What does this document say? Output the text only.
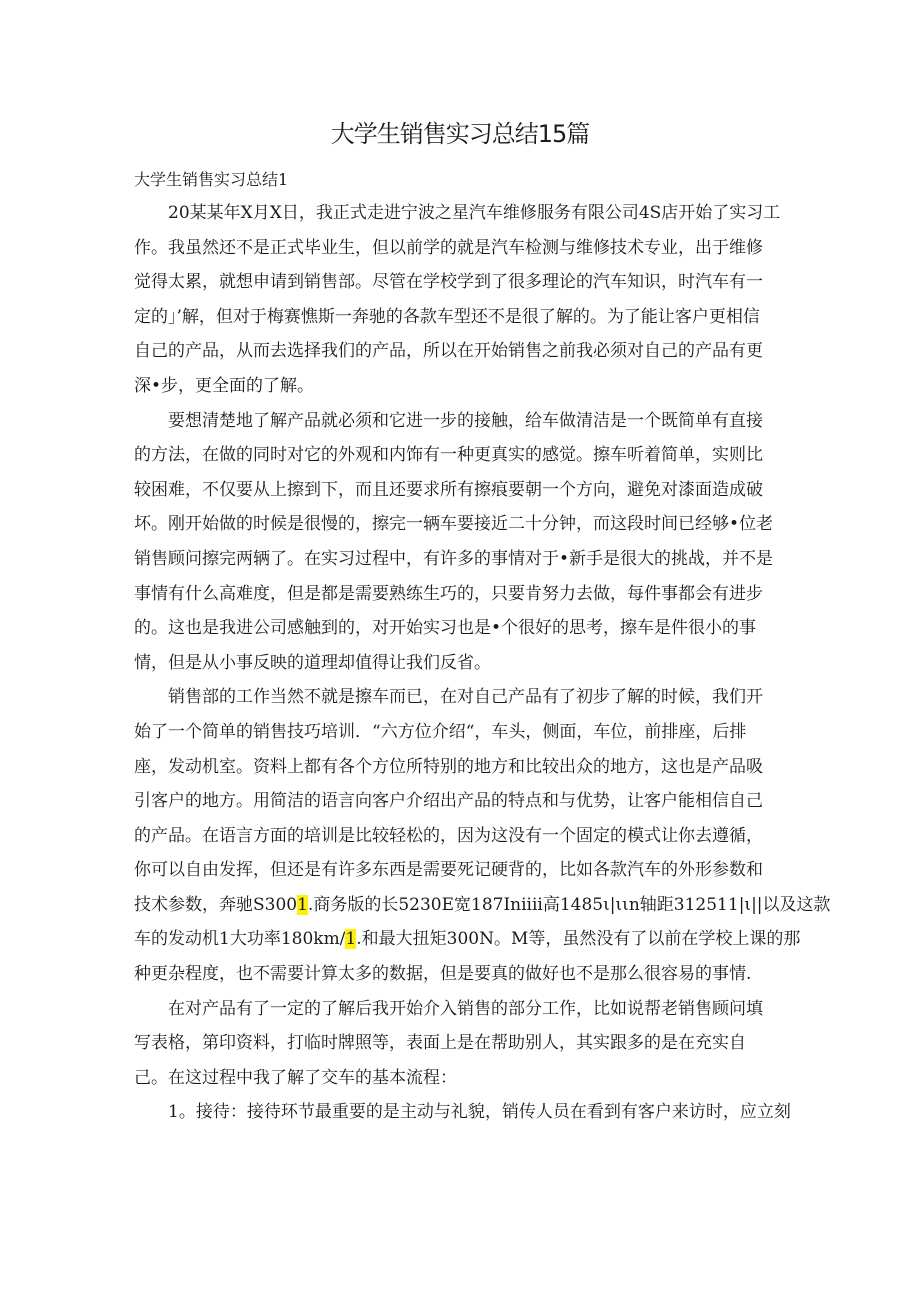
大学生销售实习总结15篇
大学生销售实习总结1

20某某年X月X日，我正式走进宁波之星汽车维修服务有限公司4S店开始了实习工
作。我虽然还不是正式毕业生，但以前学的就是汽车检测与维修技术专业，出于维修
觉得太累，就想申请到销售部。尽管在学校学到了很多理论的汽车知识，时汽车有一
定的」’解，但对于梅赛憔斯一奔驰的各款车型还不是很了解的。为了能让客户更相信
自己的产品，从而去选择我们的产品，所以在开始销售之前我必须对自己的产品有更
深•步，更全面的了解。

要想清楚地了解产品就必须和它进一步的接触，给车做清洁是一个既简单有直接
的方法，在做的同时对它的外观和内饰有一种更真实的感觉。擦车听着简单，实则比
较困难，不仅要从上擦到下，而且还要求所有擦痕要朝一个方向，避免对漆面造成破
坏。刚开始做的时候是很慢的，擦完一辆车要接近二十分钟，而这段时间已经够•位老
销售顾问擦完两辆了。在实习过程中，有许多的事情对于•新手是很大的挑战，并不是
事情有什么高难度，但是都是需要熟练生巧的，只要肯努力去做，每件事都会有进步
的。这也是我进公司感触到的，对开始实习也是•个很好的思考，擦车是件很小的事
情，但是从小事反映的道理却值得让我们反省。

销售部的工作当然不就是擦车而已，在对自己产品有了初步了解的时候，我们开
始了一个简单的销售技巧培训．“六方位介绍“，车头，侧面，车位，前排座，后排
座，发动机室。资料上都有各个方位所特别的地方和比较出众的地方，这也是产品吸
引客户的地方。用简洁的语言向客户介绍出产品的特点和与优势，让客户能相信自己
的产品。在语言方面的培训是比较轻松的，因为这没有一个固定的模式让你去遵循，
你可以自由发挥，但还是有许多东西是需要死记硬背的，比如各款汽车的外形参数和
技术参数，奔驰S3001.商务版的长5230E宽187Iniiii高1485ι|ιιn轴距312511|ι||以及这款
车的发动机1大功率180km/1.和最大扭矩300N。M等，虽然没有了以前在学校上课的那
种更杂程度，也不需要计算太多的数据，但是要真的做好也不是那么很容易的事情.

在对产品有了一定的了解后我开始介入销售的部分工作，比如说帮老销售顾问填
写表格，第印资料，打临时牌照等，表面上是在帮助别人，其实跟多的是在充实自
己。在这过程中我了解了交车的基本流程：

1。接待：接待环节最重要的是主动与礼貌，销传人员在看到有客户来访时，应立刻
